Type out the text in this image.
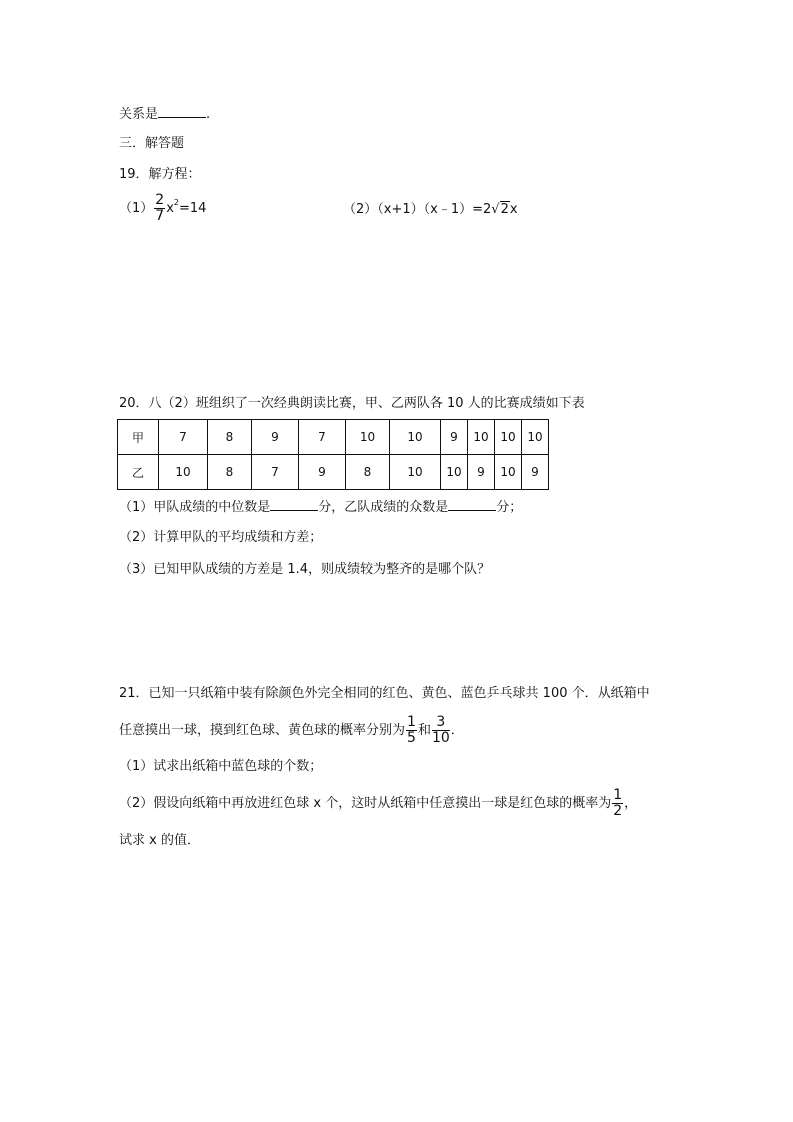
关系是	.
三．解答题
19．解方程：
$(1) \frac{2}{7} x^2=14$	（2）（x+1）（x﹣1）=2√2x
20．八（2）班组织了一次经典朗读比赛，甲、乙两队各 10 人的比赛成绩如下表
甲	7	8	9	7	10	10	9	10	10	10
乙	10	8	7	9	8	10	10	9	10	9
（1）甲队成绩的中位数是	分，乙队成绩的众数是	分；
（2）计算甲队的平均成绩和方差；
（3）已知甲队成绩的方差是 1.4，则成绩较为整齐的是哪个队？
21．已知一只纸箱中装有除颜色外完全相同的红色、黄色、蓝色乒乓球共 100 个．从纸箱中
任意摸出一球，摸到红色球、黄色球的概率分别为 $\frac{1}{5}$ 和 $\frac{3}{10}$ ．
（1）试求出纸箱中蓝色球的个数；
（2）假设向纸箱中再放进红色球 x 个，这时从纸箱中任意摸出一球是红色球的概率为 $\frac{1}{2}$ ，
试求 x 的值．
